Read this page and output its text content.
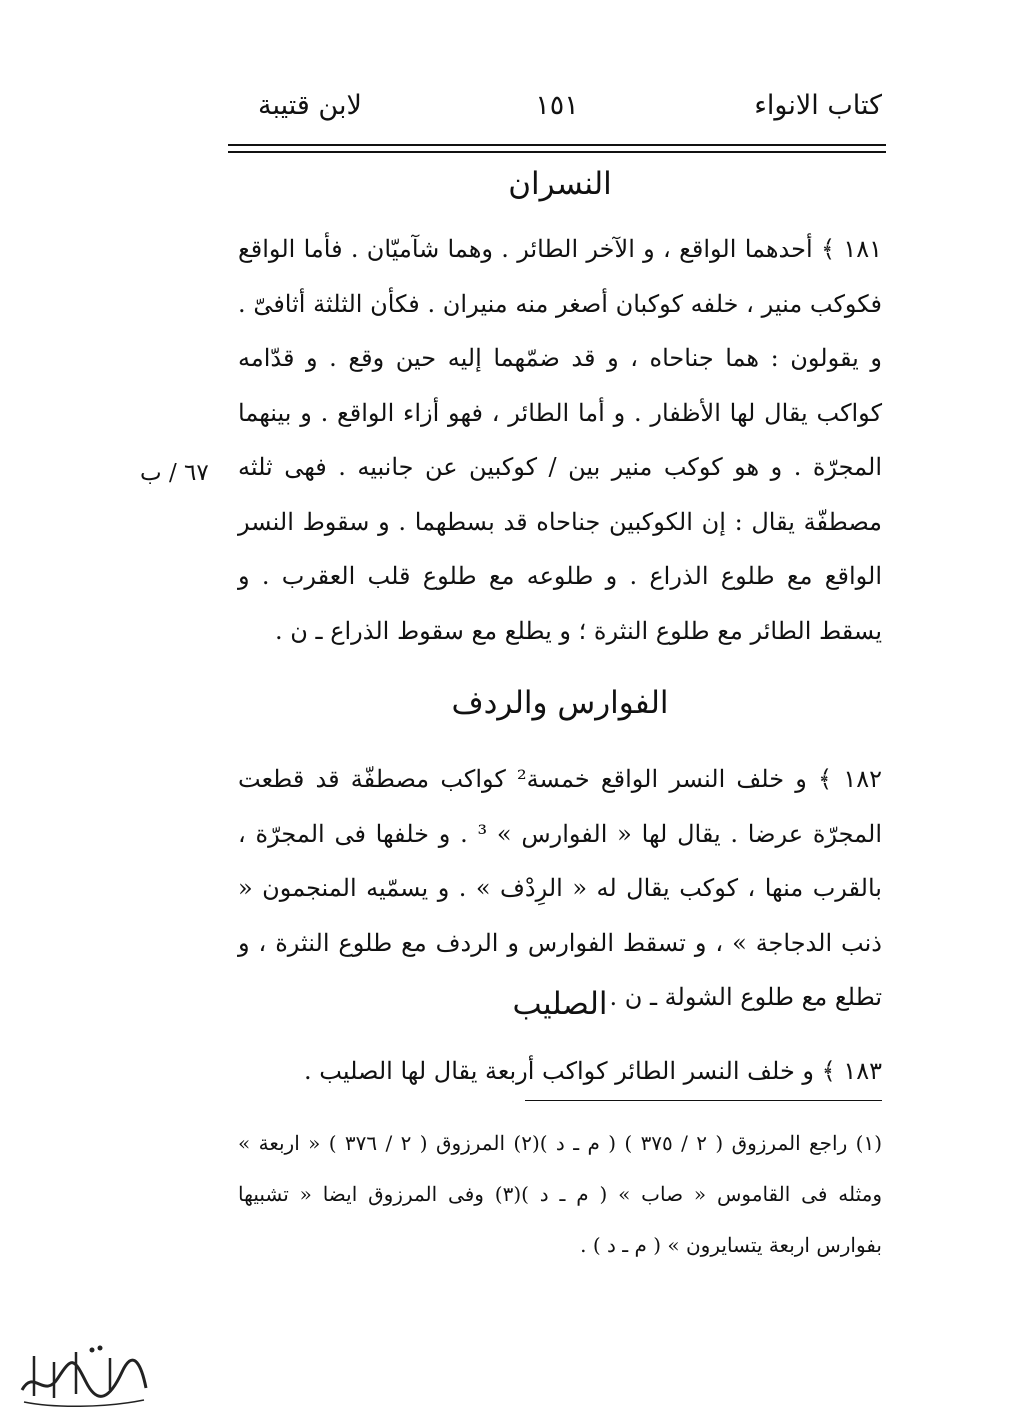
كتاب الانواء
١٥١
لابن قتيبة
النسران
١٨١ ﴾ أحدهما الواقع ، و الآخر الطائر . وهما شآميّان . فأما الواقع فكوكب منير ، خلفه كوكبان أصغر منه منيران . فكأن الثلثة أثافىّ . و يقولون : هما جناحاه ، و قد ضمّهما إليه حين وقع . و قدّامه كواكب يقال لها الأظفار . و أما الطائر ، فهو أزاء الواقع . و بينهما المجرّة . و هو كوكب منير بين / كوكبين عن جانبيه . فهى ثلثه مصطفّة يقال : إن الكوكبين جناحاه قد بسطهما . و سقوط النسر الواقع مع طلوع الذراع . و طلوعه مع طلوع قلب العقرب . و يسقط الطائر مع طلوع النثرة ؛ و يطلع مع سقوط الذراع ـ ن .
٦٧ / ب
الفوارس والردف
١٨٢ ﴾ و خلف النسر الواقع خمسة² كواكب مصطفّة قد قطعت المجرّة عرضا . يقال لها « الفوارس » ³ . و خلفها فى المجرّة ، بالقرب منها ، كوكب يقال له « الرِدْف » . و يسمّيه المنجمون « ذنب الدجاجة » ، و تسقط الفوارس و الردف مع طلوع النثرة ، و تطلع مع طلوع الشولة ـ ن .
الصليب
١٨٣ ﴾ و خلف النسر الطائر كواكب أربعة يقال لها الصليب .
(١) راجع المرزوق ( ٢ / ٣٧٥ ) ( م ـ د )(٢) المرزوق ( ٢ / ٣٧٦ ) « اربعة » ومثله فى القاموس « صاب » ( م ـ د )(٣) وفى المرزوق ايضا « تشبيها بفوارس اربعة يتسايرون » ( م ـ د ) .
